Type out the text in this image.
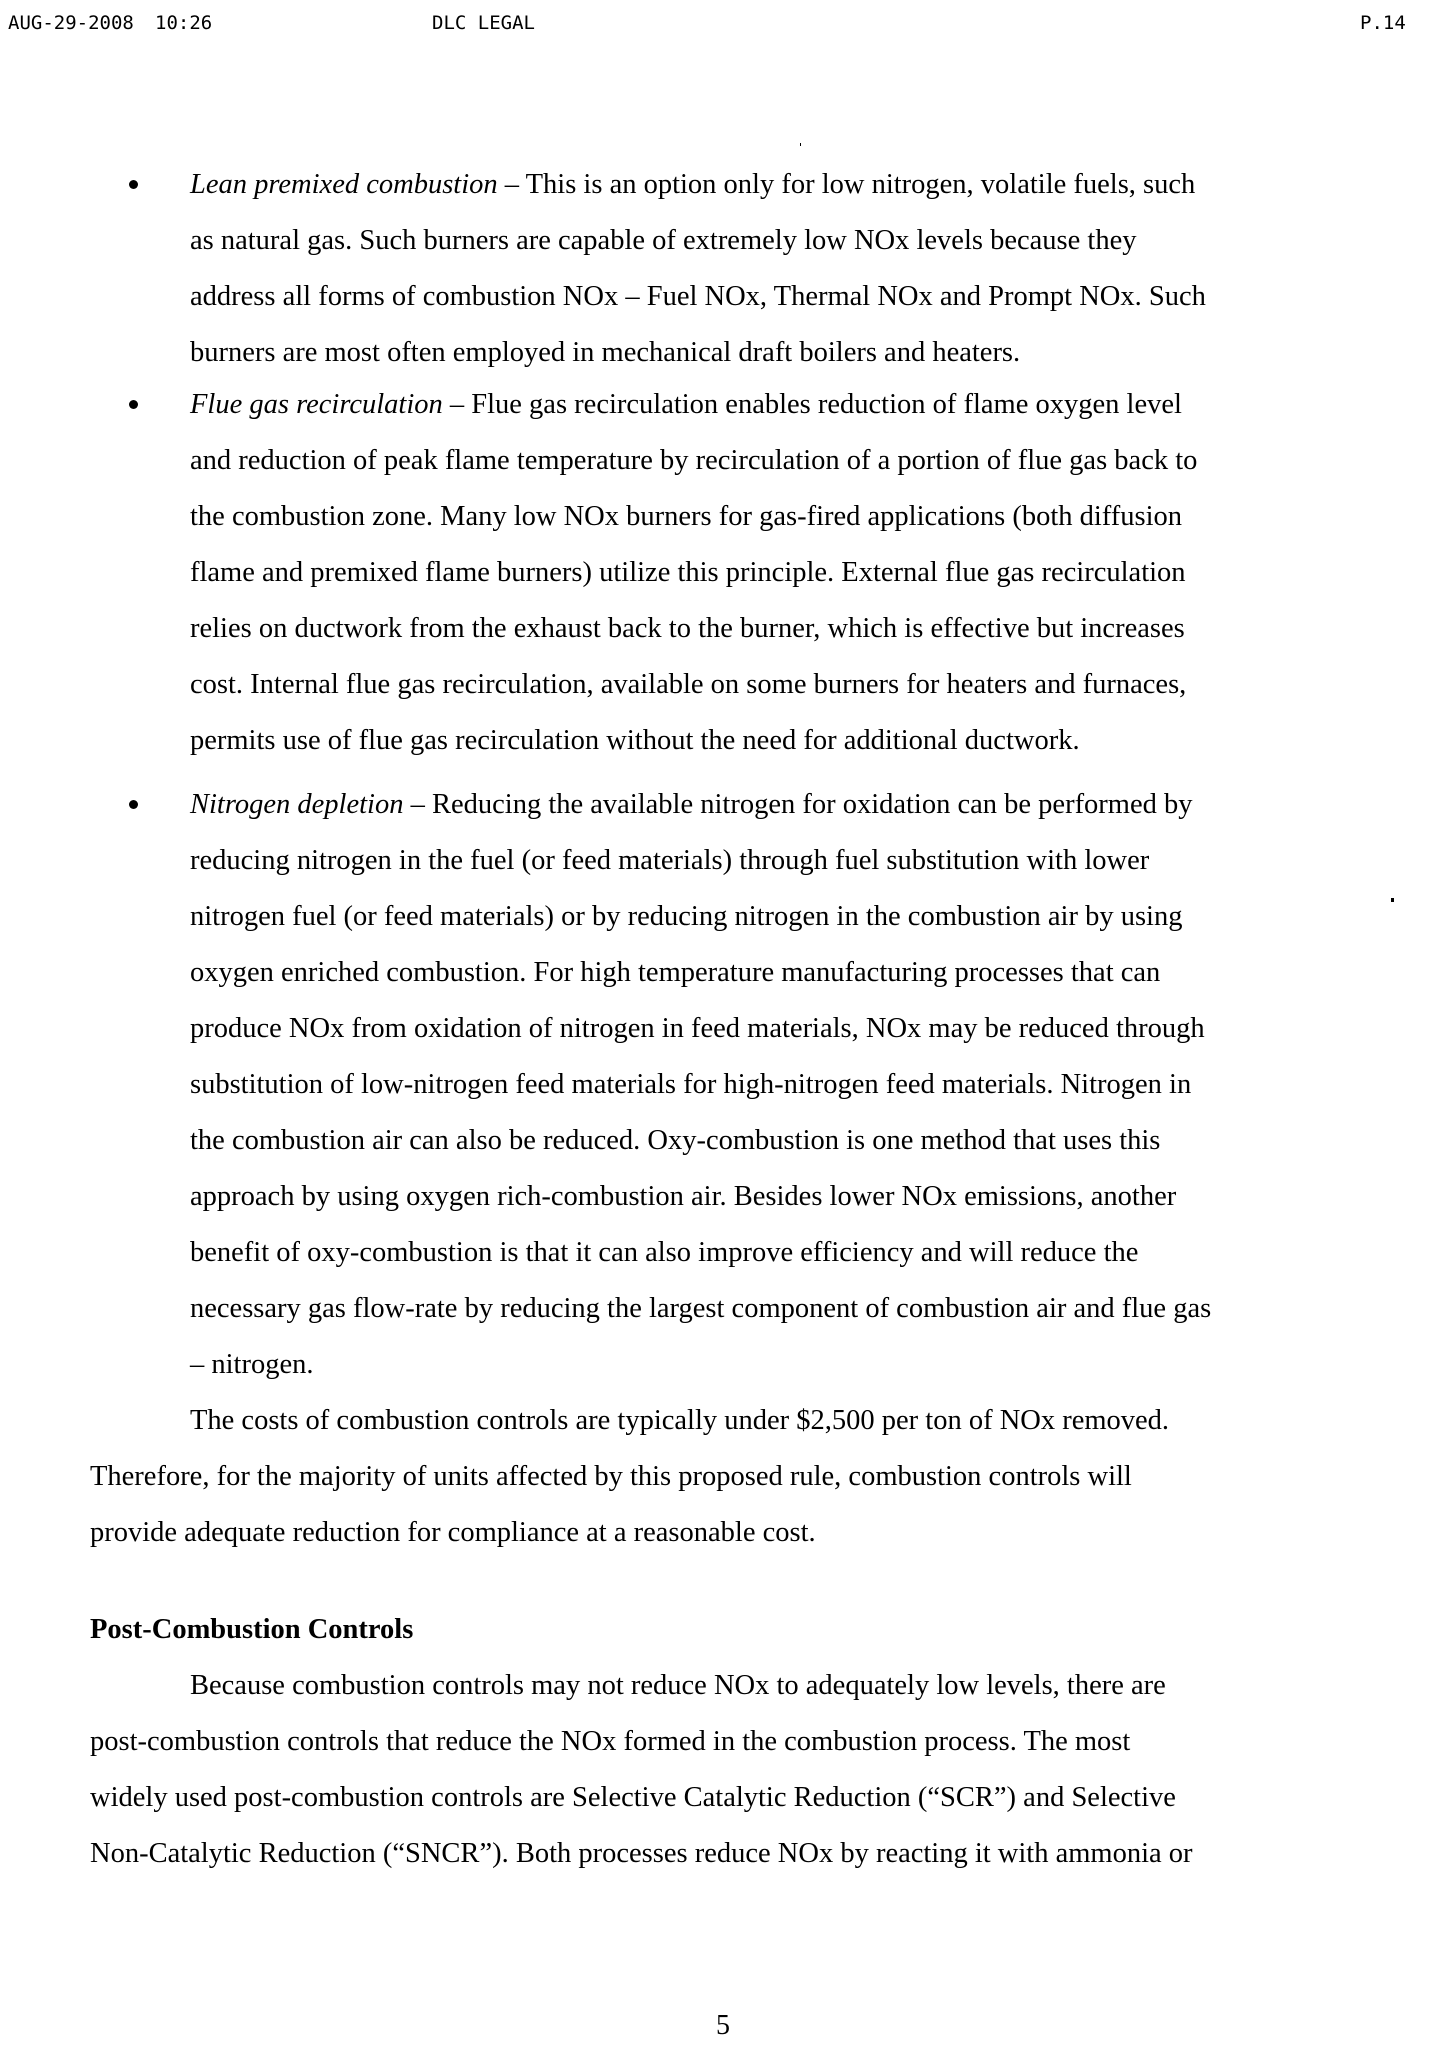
AUG-29-2008 10:26	DLC LEGAL	P.14
Lean premixed combustion – This is an option only for low nitrogen, volatile fuels, such
as natural gas. Such burners are capable of extremely low NOx levels because they
address all forms of combustion NOx – Fuel NOx, Thermal NOx and Prompt NOx. Such
burners are most often employed in mechanical draft boilers and heaters.
Flue gas recirculation – Flue gas recirculation enables reduction of flame oxygen level
and reduction of peak flame temperature by recirculation of a portion of flue gas back to
the combustion zone. Many low NOx burners for gas-fired applications (both diffusion
flame and premixed flame burners) utilize this principle. External flue gas recirculation
relies on ductwork from the exhaust back to the burner, which is effective but increases
cost. Internal flue gas recirculation, available on some burners for heaters and furnaces,
permits use of flue gas recirculation without the need for additional ductwork.
Nitrogen depletion – Reducing the available nitrogen for oxidation can be performed by
reducing nitrogen in the fuel (or feed materials) through fuel substitution with lower
nitrogen fuel (or feed materials) or by reducing nitrogen in the combustion air by using
oxygen enriched combustion. For high temperature manufacturing processes that can
produce NOx from oxidation of nitrogen in feed materials, NOx may be reduced through
substitution of low-nitrogen feed materials for high-nitrogen feed materials. Nitrogen in
the combustion air can also be reduced. Oxy-combustion is one method that uses this
approach by using oxygen rich-combustion air. Besides lower NOx emissions, another
benefit of oxy-combustion is that it can also improve efficiency and will reduce the
necessary gas flow-rate by reducing the largest component of combustion air and flue gas
– nitrogen.
The costs of combustion controls are typically under $2,500 per ton of NOx removed.
Therefore, for the majority of units affected by this proposed rule, combustion controls will
provide adequate reduction for compliance at a reasonable cost.
Post-Combustion Controls
Because combustion controls may not reduce NOx to adequately low levels, there are
post-combustion controls that reduce the NOx formed in the combustion process. The most
widely used post-combustion controls are Selective Catalytic Reduction (“SCR”) and Selective
Non-Catalytic Reduction (“SNCR”). Both processes reduce NOx by reacting it with ammonia or
5
